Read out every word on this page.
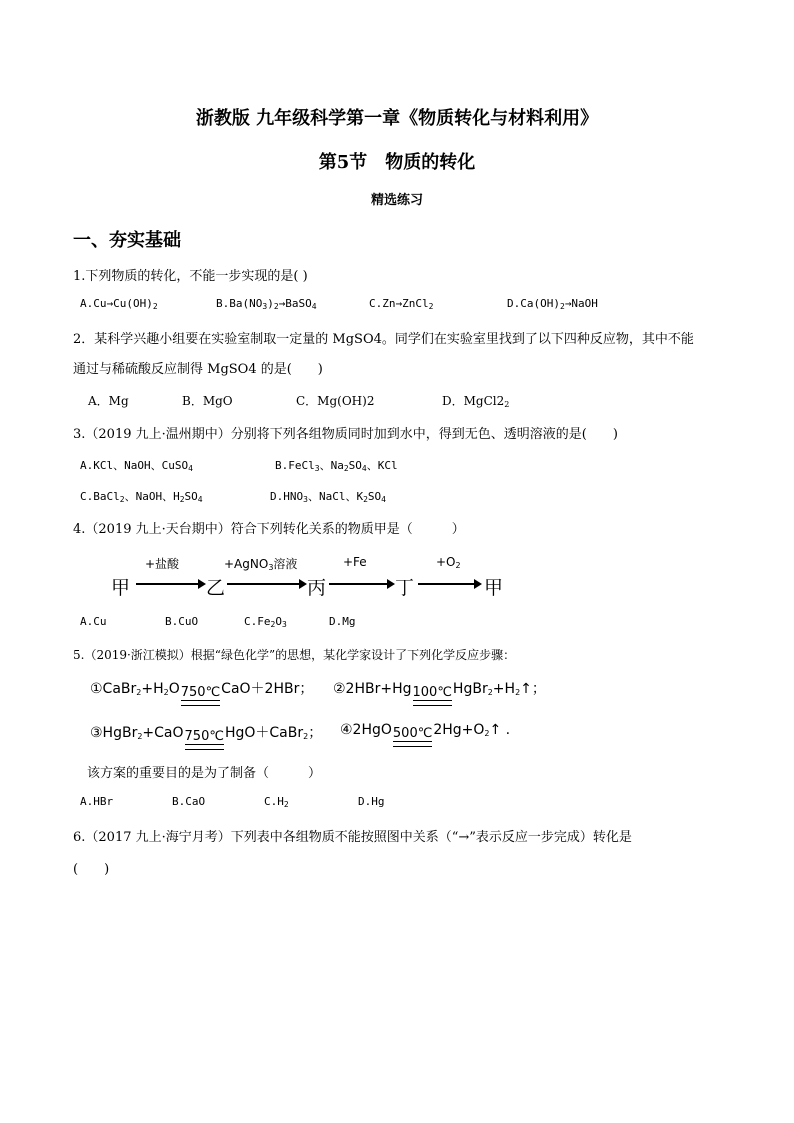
浙教版 九年级科学第一章《物质转化与材料利用》
第5节　物质的转化
精选练习
一、夯实基础
1.下列物质的转化，不能一步实现的是( )
$A.Cu\to Cu(OH)_2$	$B.Ba(NO_3)_2\to BaSO_4$	C.Zn→ZnCl$_2$	$D.Ca(OH)_2\to NaOH$
2．某科学兴趣小组要在实验室制取一定量的 MgSO4。同学们在实验室里找到了以下四种反应物，其中不能
通过与稀硫酸反应制得 MgSO4 的是(　　)
A．Mg	B．MgO	C．Mg(OH)2	D．$MgCl2_2$
3.（2019 九上·温州期中）分别将下列各组物质同时加到水中，得到无色、透明溶液的是(　　)
A.KCl、NaOH、CuSO$_4$	B.FeCl$_3$、$Na_2SO_4$、KCl
C.BaCl$_2$、NaOH、$H_2SO_4$	$D.HNO_3$、NaCl、$K_2SO_4$
4.（2019 九上·天台期中）符合下列转化关系的物质甲是（　　　）
甲
+盐酸
乙
+AgNO$_3$溶液
丙
+Fe
丁
$+O_2$
甲
A.Cu	B.CuO	$C.Fe_2O_3$	D.Mg
5.（2019·浙江模拟）根据“绿色化学”的思想，某化学家设计了下列化学反应步骤：
$①CaBr_2+H_2O$ 750℃ CaO＋2HBr； ②2HBr+Hg 100℃ $HgBr_2+H_2↑$；
③HgBr$_2$+CaO 750℃ HgO＋CaBr$_2$； ④2HgO 500℃ $2Hg+O_2↑$ .
该方案的重要目的是为了制备（　　　）
A.HBr	B.CaO	$C.H_2$	D.Hg
6.（2017 九上·海宁月考）下列表中各组物质不能按照图中关系（“→”表示反应一步完成）转化是
(　　)
